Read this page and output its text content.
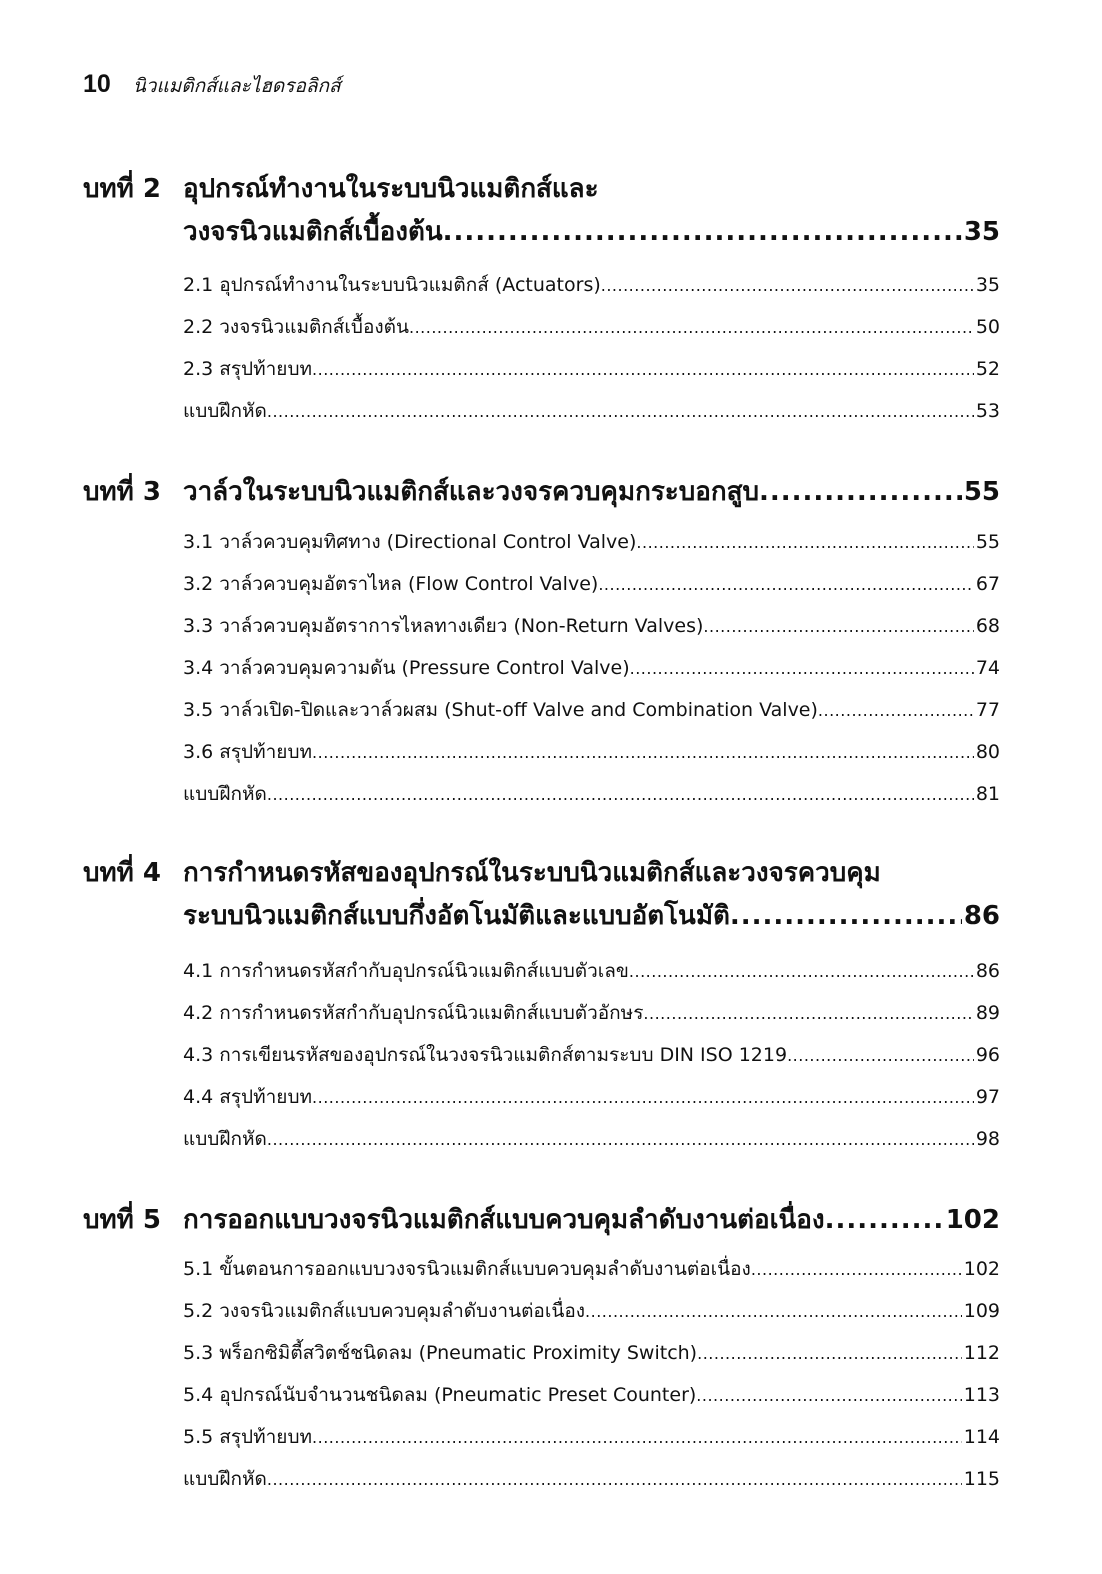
10 นิวแมติกส์และไฮดรอลิกส์
บทที่ 2 อุปกรณ์ทำงานในระบบนิวแมติกส์และ
วงจรนิวแมติกส์เบื้องต้น .....	35
2.1 อุปกรณ์ทำงานในระบบนิวแมติกส์ (Actuators) .....	35
2.2 วงจรนิวแมติกส์เบื้องต้น .....	50
2.3 สรุปท้ายบท .....	52
แบบฝึกหัด .....	53
บทที่ 3 วาล์วในระบบนิวแมติกส์และวงจรควบคุมกระบอกสูบ .....	55
3.1 วาล์วควบคุมทิศทาง (Directional Control Valve) .....	55
3.2 วาล์วควบคุมอัตราไหล (Flow Control Valve) .....	67
3.3 วาล์วควบคุมอัตราการไหลทางเดียว (Non-Return Valves) .....	68
3.4 วาล์วควบคุมความดัน (Pressure Control Valve) .....	74
3.5 วาล์วเปิด-ปิดและวาล์วผสม (Shut-off Valve and Combination Valve) .....	77
3.6 สรุปท้ายบท .....	80
แบบฝึกหัด .....	81
บทที่ 4 การกำหนดรหัสของอุปกรณ์ในระบบนิวแมติกส์และวงจรควบคุม
ระบบนิวแมติกส์แบบกึ่งอัตโนมัติและแบบอัตโนมัติ .....	86
4.1 การกำหนดรหัสกำกับอุปกรณ์นิวแมติกส์แบบตัวเลข .....	86
4.2 การกำหนดรหัสกำกับอุปกรณ์นิวแมติกส์แบบตัวอักษร .....	89
4.3 การเขียนรหัสของอุปกรณ์ในวงจรนิวแมติกส์ตามระบบ DIN ISO 1219 .....	96
4.4 สรุปท้ายบท .....	97
แบบฝึกหัด .....	98
บทที่ 5 การออกแบบวงจรนิวแมติกส์แบบควบคุมลำดับงานต่อเนื่อง .....	102
5.1 ขั้นตอนการออกแบบวงจรนิวแมติกส์แบบควบคุมลำดับงานต่อเนื่อง .....	102
5.2 วงจรนิวแมติกส์แบบควบคุมลำดับงานต่อเนื่อง .....	109
5.3 พร็อกซิมิตี้สวิตช์ชนิดลม (Pneumatic Proximity Switch) .....	112
5.4 อุปกรณ์นับจำนวนชนิดลม (Pneumatic Preset Counter) .....	113
5.5 สรุปท้ายบท .....	114
แบบฝึกหัด .....	115
